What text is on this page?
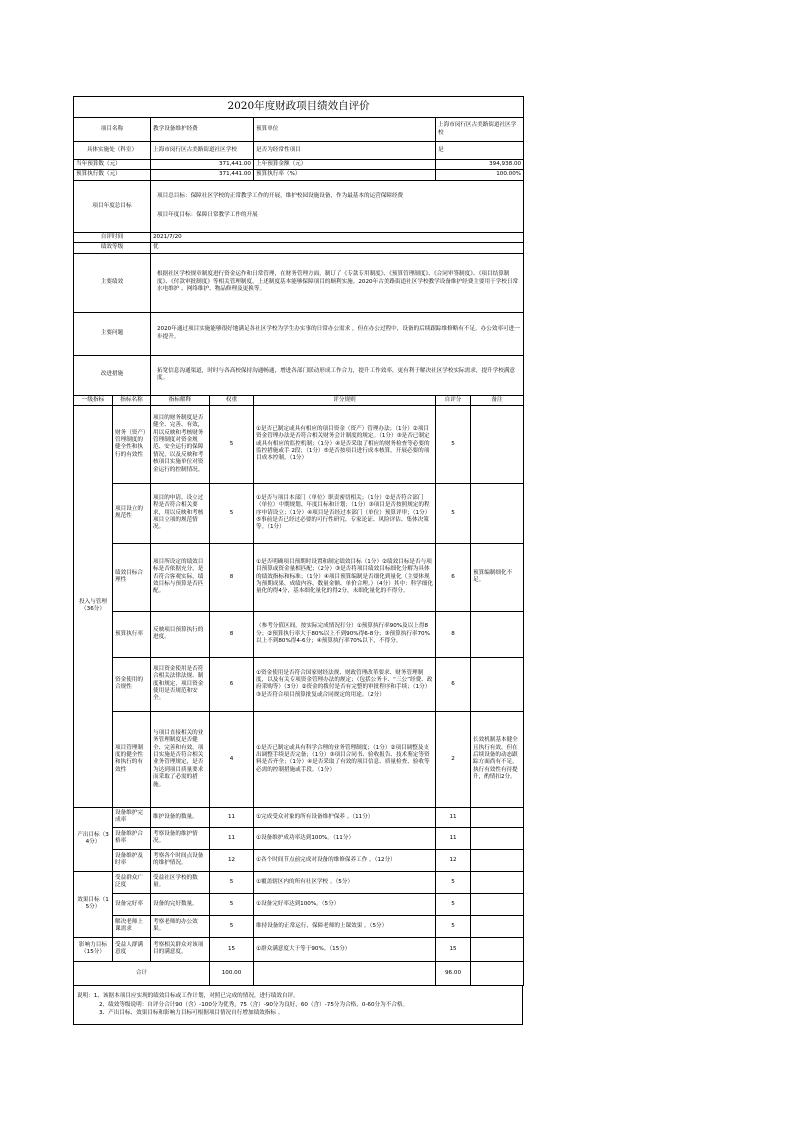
2020年度财政项目绩效自评价						
项目名称		教学设备维护经费		预算单位	上海市闵行区古美路街道社区学校	
具体实施处（科室）		上海市闵行区古美路街道社区学校		是否为经常性项目	是	
当年预算数（元）		371,441.00		上年预算金额（元）	394,938.00	
预算执行数（元）		371,441.00		预算执行率（%）	100.00%	
项目年度总目标		项目总目标：保障社区学校的正常教学工作的开展，维护校园设施设备，作为最基本的运营保障经费
项目年度目标：保障日常教学工作的开展				

自评时间		2021/7/20				
绩效等级		优				
主要绩效		根据社区学校规章制度进行资金运作和日常管理，在财务管理方面，制订了《专款专用制度》、《预算管理制度》、《合同审签制度》、《项目结算制度》、《付款审批制度》等相关管理制度，上述制度基本能够保障项目的顺利实施。2020年古美路街道社区学校教学设备维护经费主要用于学校日常水电维护 、网络维护、物品修理及更换等。				
主要问题		2020年通过项目实施能够很好地满足各社区学校为学生办实事的日常办公需求 ，但在办公过程中，设备的后续跟踪维修略有不足，办公效率可进一步提升。				
改进措施		拓宽信息沟通渠道，时时与各高校保持沟通畅通，增进各部门联动形成工作合力，提升工作效率，更有利于解决社区学校实际需求，提升学校满意度。				
一级指标	指标名称	指标解释	权重	评分规则	自评分	备注
投入与管理（36分）	财务（资产）管理制度的健全性和执行的有效性	项目的财务制度是否健全、完善、有效，用以反映和考核财务管理制度对资金规范、安全运行的保障情况，以及反映和考核项目实施单位对资金运行的控制情况。	5	①是否已制定或具有相应的项目资金（资产）管理办法；（1分）②项目资金管理办法是否符合相关财务会计制度的规定。（1分）③是否已制定或具有相应的监控机制；（1分）④是否采取了相应的财务检查等必要的监控措施或手 2段；（1分）⑤是否按项目进行成本核算，开展必要的项目成本控制。（1分）	5	
	项目设立的规范性	项目的申请、设立过程是否符合相关要求，用以反映和考核项目立项的规范情况。	5	①是否与项目本部门（单位）职责密切相关；（1分）②是否符合部门（单位）中期规划、年度目标和计划；（1分）③项目是否按照规定的程序申请设立；（1分）④项目是否经过本部门（单位）预算评审；（1分）⑤事前是否已经过必要的可行性研究、专家论证、风险评估、集体决策等。（1分）	5	
	绩效目标合理性	项目所设定的绩效目标是否依据充分，是否符合客观实际，绩效目标与预算是否匹配。	8	①是否明确项目预期时设置和制定绩效目标（1分）②绩效目标是否与项目预算或资金量相匹配；（2分）③是否将项目绩效目标细化分解为具体的绩效指标和标准；（1分）④项目预算编制是否细化到量化（主要体现为预期成果，成绩内容、数量金额、单价合理。）（4分）其中：科学细化量化的得4分，基本细化量化的得2分，未细化量化的不得分。	6	预算编制细化不足。
	预算执行率	反映项目预算执行的进度。	8	（参考分值区间，按实际完成情况打分）①预算执行率90%及以上得8分；②预算执行率大于80%以上不到90%得6-8分；③预算执行率70%以上不到80%得4-6分；④预算执行率70%以下，不得分。	8	
	资金使用的合规性	项目资金使用是否符合相关法律法规、制度和规定，项目资金使用是否规范和安全。	6	①资金使用是否符合国家财经法规、财政管理改革要求、财务管理制度，以及有关专项资金管理办法的规定；（包括公务卡、“三公”经费、政府采购等）（3分）②资金的拨付是否有完整的审批程序和手续；（1分）③是否符合项目预算批复或合同规定的用途。（2分）	6	
	项目管理制度的健全性和执行的有效性	与项目直接相关的业务管理制度是否健全、完善和有效，项目实施是否符合相关业务管理规定，是否为达到项目质量要求而采取了必需的措施。	4	①是否已制定或具有科学合理的业务管理制度；（1分）②项目调整及支出调整手续是否完备；（1分）③项目合同书、验收报告、技术鉴定等资料是否齐全；（1分）④是否采取了有效的项目信息、质量检查、验收等必需的控制措施或手段。（1分）	2	长效机制基本健全且执行有效，但在后续设备的动态跟踪方面尚有不足，执行有效性有待提升，酌情扣2分。
产出目标（34分）	设备维护完成率	维护设备的数量。	11	①完成受众对象的所有设备维护保养 。（11分）	11	
	设备维护合格率	考察设备的维护情况。	11	①设备维护成功率达到100%。（11分）	11	
	设备维护及时率	考察各个时间点设备的维护情况。	12	①各个时间节点前完成对设备的维修保养工作 。（12分）	12	
效果目标（15分）	受益群众广泛度	受益社区学校的数量。	5	①覆盖辖区内的所有社区学校 。（5分）	5	
	设备完好率	设备的完好数量。	5	①设备完好率达到100%。（5分）	5	
	解决老师上课需求	考察老师的办公效果。	5	维持设备的正常运行，保障老师的上课效果 。（5分）	5	
影响力目标（15分）	受益人群满意度	考察相关群众对该项目的满意度。	15	①群众满意度大于等于90%。（15分）	15	
合计			100.00		96.00	
说明：1、该据本项目应实现的绩效目标或工作计划，对照已完成的情况，进行绩效自评。
2、绩效等级说明：自评分合计90（含）-100分为优秀，75（含）-90分为良好，60（含）-75分为合格，0-60分为不合格。
3、产出目标、效果目标和影响力目标可根据项目情况自行增加绩效指标 。
